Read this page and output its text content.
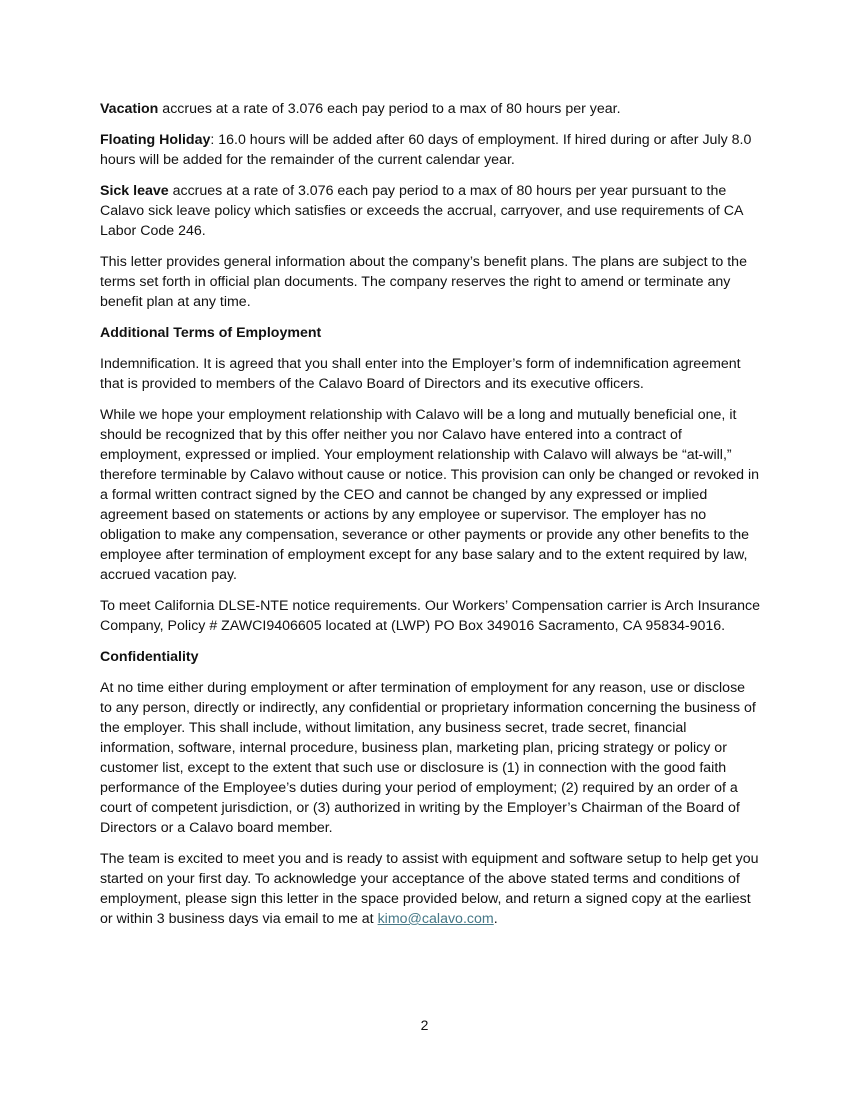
Vacation accrues at a rate of 3.076 each pay period to a max of 80 hours per year.

Floating Holiday: 16.0 hours will be added after 60 days of employment. If hired during or after July 8.0 hours will be added for the remainder of the current calendar year.

Sick leave accrues at a rate of 3.076 each pay period to a max of 80 hours per year pursuant to the Calavo sick leave policy which satisfies or exceeds the accrual, carryover, and use requirements of CA Labor Code 246.

This letter provides general information about the company’s benefit plans. The plans are subject to the terms set forth in official plan documents. The company reserves the right to amend or terminate any benefit plan at any time.

Additional Terms of Employment

Indemnification. It is agreed that you shall enter into the Employer’s form of indemnification agreement that is provided to members of the Calavo Board of Directors and its executive officers.

While we hope your employment relationship with Calavo will be a long and mutually beneficial one, it should be recognized that by this offer neither you nor Calavo have entered into a contract of employment, expressed or implied. Your employment relationship with Calavo will always be “at-will,” therefore terminable by Calavo without cause or notice. This provision can only be changed or revoked in a formal written contract signed by the CEO and cannot be changed by any expressed or implied agreement based on statements or actions by any employee or supervisor. The employer has no obligation to make any compensation, severance or other payments or provide any other benefits to the employee after termination of employment except for any base salary and to the extent required by law, accrued vacation pay.

To meet California DLSE-NTE notice requirements. Our Workers’ Compensation carrier is Arch Insurance Company, Policy # ZAWCI9406605 located at (LWP) PO Box 349016 Sacramento, CA 95834-9016.

Confidentiality

At no time either during employment or after termination of employment for any reason, use or disclose to any person, directly or indirectly, any confidential or proprietary information concerning the business of the employer. This shall include, without limitation, any business secret, trade secret, financial information, software, internal procedure, business plan, marketing plan, pricing strategy or policy or customer list, except to the extent that such use or disclosure is (1) in connection with the good faith performance of the Employee’s duties during your period of employment; (2) required by an order of a court of competent jurisdiction, or (3) authorized in writing by the Employer’s Chairman of the Board of Directors or a Calavo board member.

The team is excited to meet you and is ready to assist with equipment and software setup to help get you started on your first day. To acknowledge your acceptance of the above stated terms and conditions of employment, please sign this letter in the space provided below, and return a signed copy at the earliest or within 3 business days via email to me at kimo@calavo.com.

2
